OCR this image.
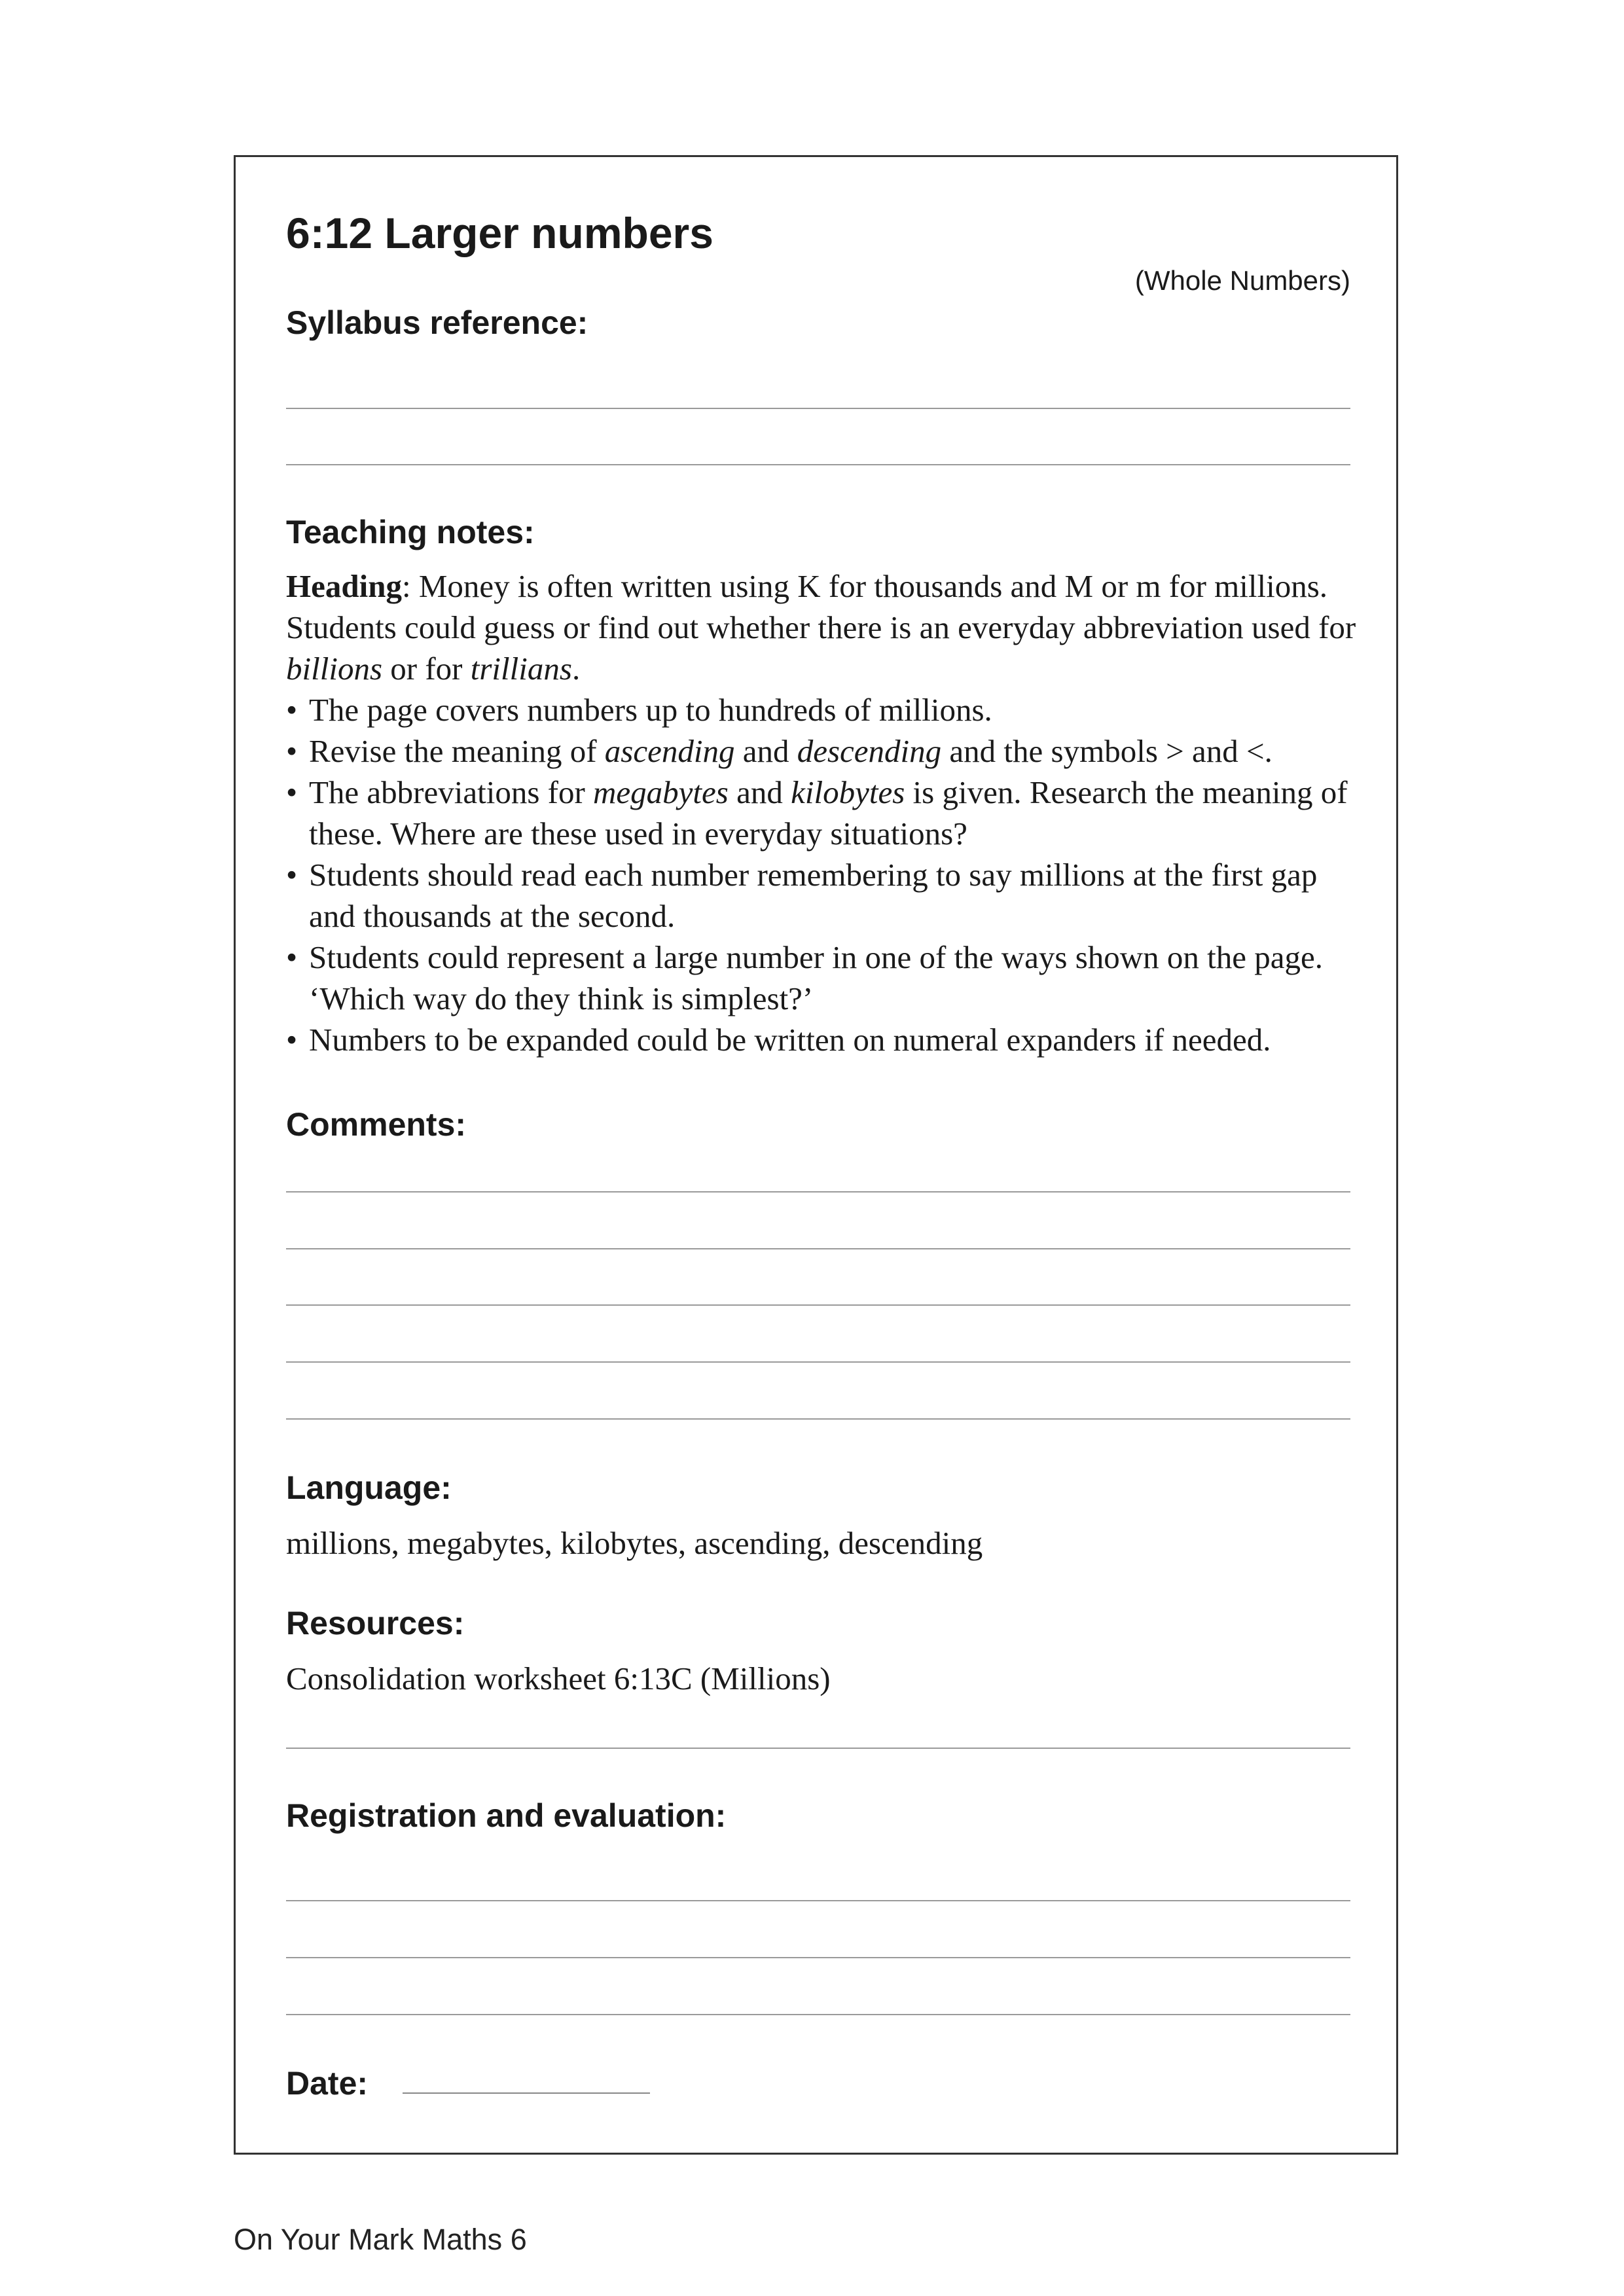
6:12 Larger numbers
(Whole Numbers)
Syllabus reference:
Teaching notes:

Heading: Money is often written using K for thousands and M or m for millions. Students could guess or find out whether there is an everyday abbreviation used for billions or for trillians.

• The page covers numbers up to hundreds of millions.
• Revise the meaning of ascending and descending and the symbols > and <.
• The abbreviations for megabytes and kilobytes is given. Research the meaning of these. Where are these used in everyday situations?
• Students should read each number remembering to say millions at the first gap and thousands at the second.
• Students could represent a large number in one of the ways shown on the page. ‘Which way do they think is simplest?’
• Numbers to be expanded could be written on numeral expanders if needed.
Comments:
Language:
millions, megabytes, kilobytes, ascending, descending
Resources:
Consolidation worksheet 6:13C (Millions)
Registration and evaluation:
Date:
On Your Mark Maths 6
